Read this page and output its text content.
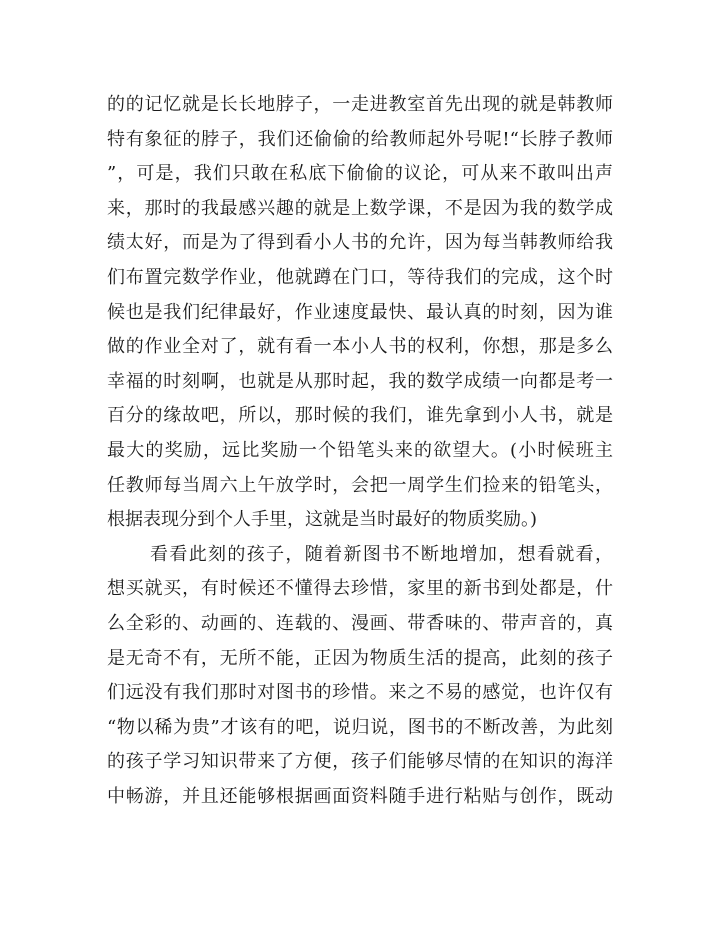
的的记忆就是长长地脖子，一走进教室首先出现的就是韩教师
特有象征的脖子，我们还偷偷的给教师起外号呢!“长脖子教师
”，可是，我们只敢在私底下偷偷的议论，可从来不敢叫出声
来，那时的我最感兴趣的就是上数学课，不是因为我的数学成
绩太好，而是为了得到看小人书的允许，因为每当韩教师给我
们布置完数学作业，他就蹲在门口，等待我们的完成，这个时
候也是我们纪律最好，作业速度最快、最认真的时刻，因为谁
做的作业全对了，就有看一本小人书的权利，你想，那是多么
幸福的时刻啊，也就是从那时起，我的数学成绩一向都是考一
百分的缘故吧，所以，那时候的我们，谁先拿到小人书，就是
最大的奖励，远比奖励一个铅笔头来的欲望大。(小时候班主
任教师每当周六上午放学时，会把一周学生们捡来的铅笔头，
根据表现分到个人手里，这就是当时最好的物质奖励。)
看看此刻的孩子，随着新图书不断地增加，想看就看，
想买就买，有时候还不懂得去珍惜，家里的新书到处都是，什
么全彩的、动画的、连载的、漫画、带香味的、带声音的，真
是无奇不有，无所不能，正因为物质生活的提高，此刻的孩子
们远没有我们那时对图书的珍惜。来之不易的感觉，也许仅有
“物以稀为贵”才该有的吧，说归说，图书的不断改善，为此刻
的孩子学习知识带来了方便，孩子们能够尽情的在知识的海洋
中畅游，并且还能够根据画面资料随手进行粘贴与创作，既动
